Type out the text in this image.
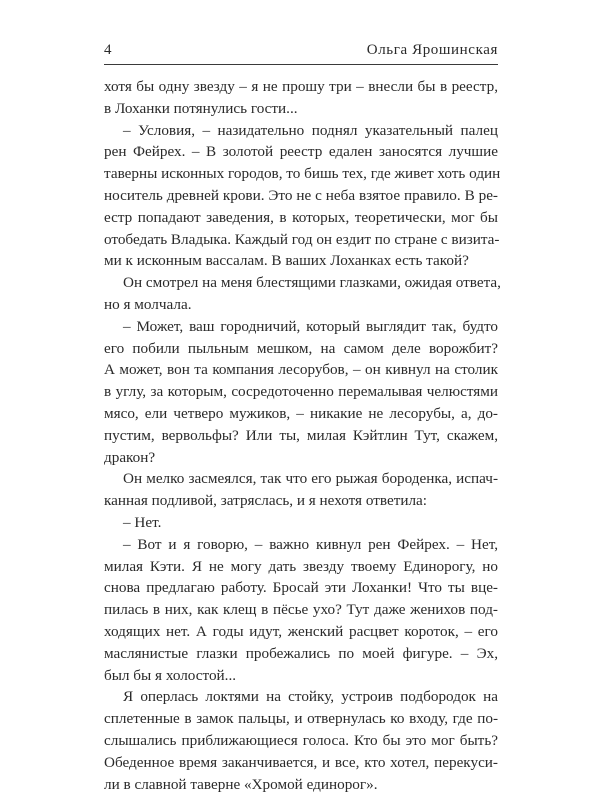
4	Ольга Ярошинская
хотя бы одну звезду – я не прошу три – внесли бы в реестр,
в Лоханки потянулись гости...
– Условия, – назидательно поднял указательный палец
рен Фейрех. – В золотой реестр едален заносятся лучшие
таверны исконных городов, то бишь тех, где живет хоть один
носитель древней крови. Это не с неба взятое правило. В ре-
естр попадают заведения, в которых, теоретически, мог бы
отобедать Владыка. Каждый год он ездит по стране с визита-
ми к исконным вассалам. В ваших Лоханках есть такой?
Он смотрел на меня блестящими глазками, ожидая ответа,
но я молчала.
– Может, ваш городничий, который выглядит так, будто
его побили пыльным мешком, на самом деле ворожбит?
А может, вон та компания лесорубов, – он кивнул на столик
в углу, за которым, сосредоточенно перемалывая челюстями
мясо, ели четверо мужиков, – никакие не лесорубы, а, до-
пустим, вервольфы? Или ты, милая Кэйтлин Тут, скажем,
дракон?
Он мелко засмеялся, так что его рыжая бороденка, испач-
канная подливой, затряслась, и я нехотя ответила:
– Нет.
– Вот и я говорю, – важно кивнул рен Фейрех. – Нет,
милая Кэти. Я не могу дать звезду твоему Единорогу, но
снова предлагаю работу. Бросай эти Лоханки! Что ты вце-
пилась в них, как клещ в пёсье ухо? Тут даже женихов под-
ходящих нет. А годы идут, женский расцвет короток, – его
маслянистые глазки пробежались по моей фигуре. – Эх,
был бы я холостой...
Я оперлась локтями на стойку, устроив подбородок на
сплетенные в замок пальцы, и отвернулась ко входу, где по-
слышались приближающиеся голоса. Кто бы это мог быть?
Обеденное время заканчивается, и все, кто хотел, перекуси-
ли в славной таверне «Хромой единорог».
